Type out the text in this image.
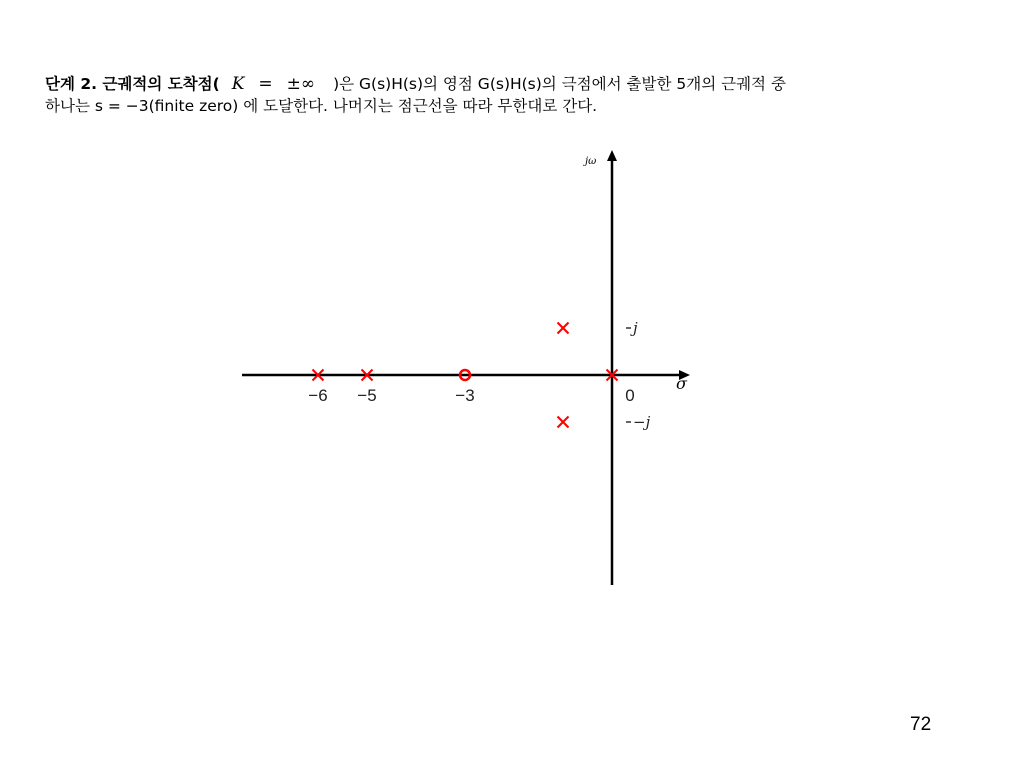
단계 2. 근궤적의 도착점( K = ±∞ )은 G(s)H(s)의 영점 G(s)H(s)의 극점에서 출발한 5개의 근궤적 중
하나는 s = −3(finite zero) 에 도달한다. 나머지는 점근선을 따라 무한대로 간다.
jω
σ
−6 −5	−3	0
j
−j
72
